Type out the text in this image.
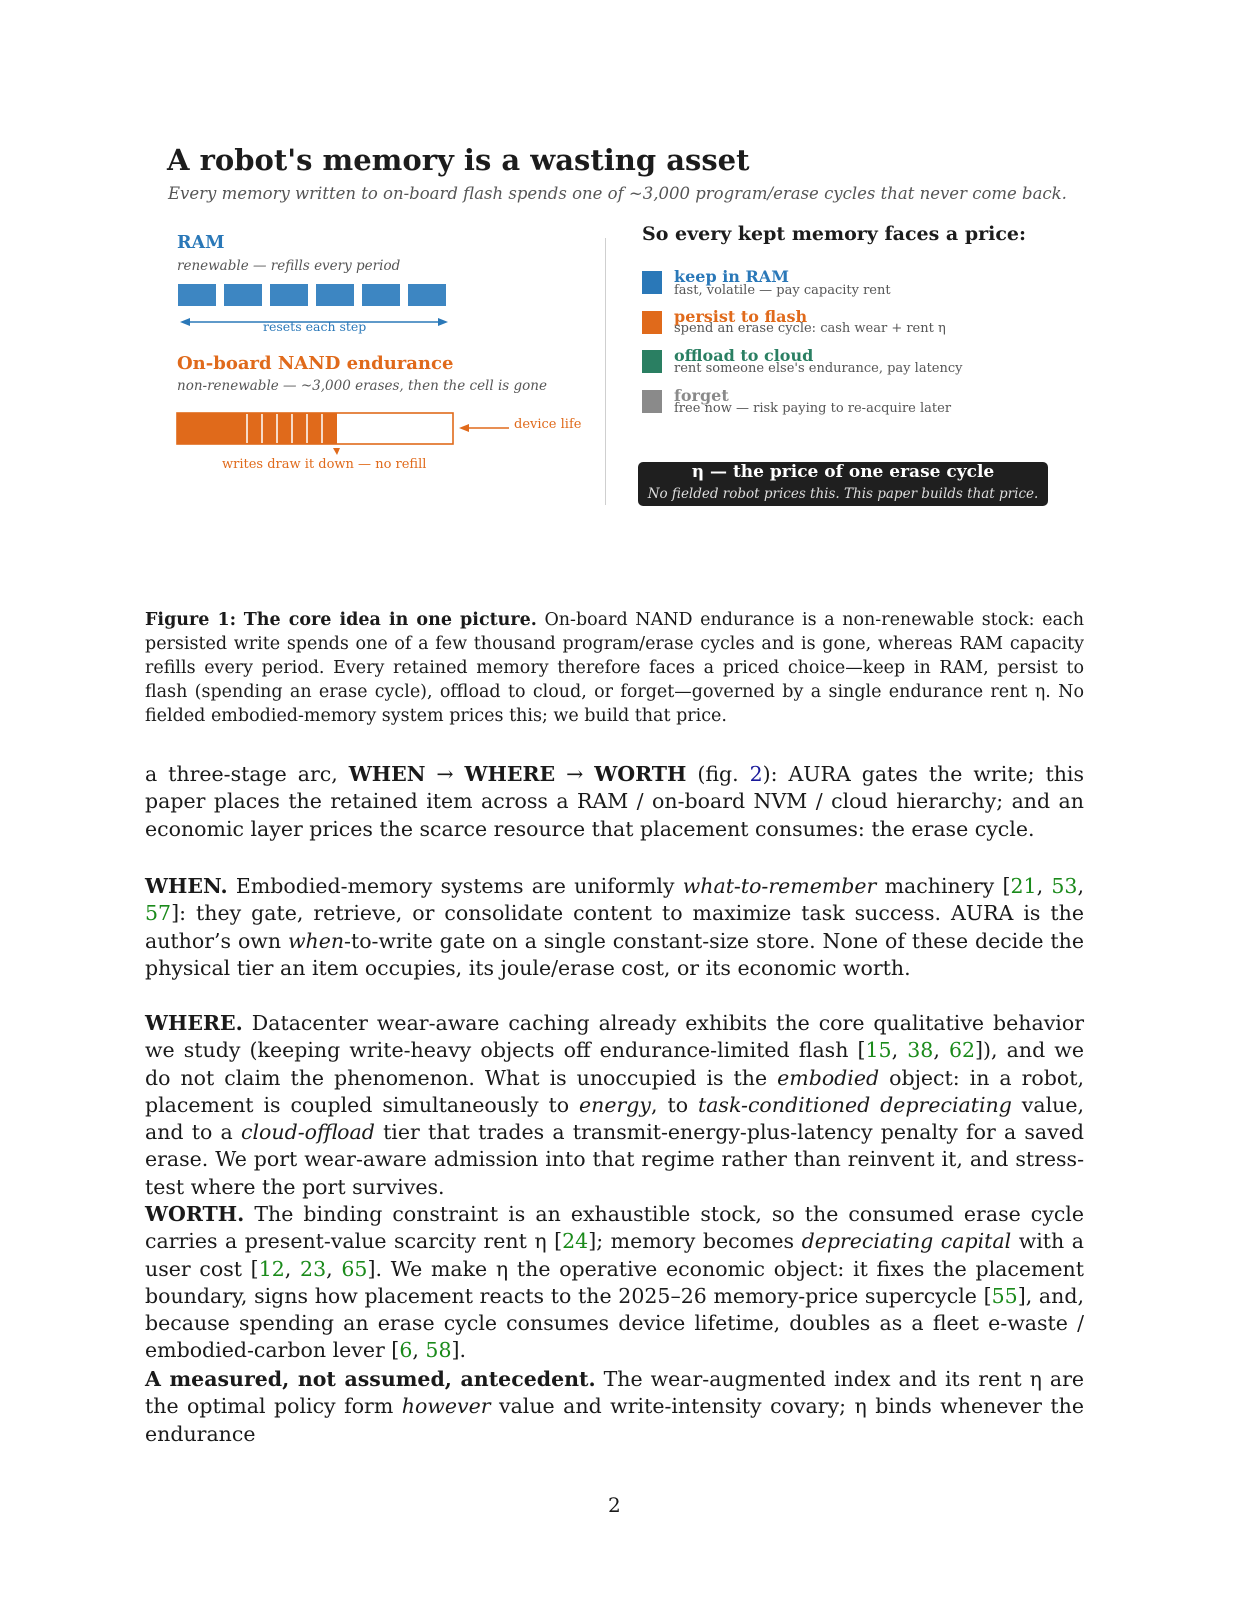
A robot's memory is a wasting asset
Every memory written to on-board flash spends one of ~3,000 program/erase cycles that never come back.
RAM
renewable — refills every period
resets each step
On-board NAND endurance
non-renewable — ~3,000 erases, then the cell is gone
device life
writes draw it down — no refill
So every kept memory faces a price:
keep in RAM
fast, volatile — pay capacity rent
persist to flash
spend an erase cycle: cash wear + rent η
offload to cloud
rent someone else's endurance, pay latency
forget
free now — risk paying to re-acquire later
η — the price of one erase cycle
No fielded robot prices this. This paper builds that price.
Figure 1: The core idea in one picture. On-board NAND endurance is a non-renewable stock: each persisted write spends one of a few thousand program/erase cycles and is gone, whereas RAM capacity refills every period. Every retained memory therefore faces a priced choice—keep in RAM, persist to flash (spending an erase cycle), offload to cloud, or forget—governed by a single endurance rent η. No fielded embodied-memory system prices this; we build that price.
a three-stage arc, WHEN → WHERE → WORTH (fig. 2): AURA gates the write; this paper places the retained item across a RAM / on-board NVM / cloud hierarchy; and an economic layer prices the scarce resource that placement consumes: the erase cycle.
WHEN. Embodied-memory systems are uniformly what-to-remember machinery [21, 53, 57]: they gate, retrieve, or consolidate content to maximize task success. AURA is the author’s own when-to-write gate on a single constant-size store. None of these decide the physical tier an item occupies, its joule/erase cost, or its economic worth.
WHERE. Datacenter wear-aware caching already exhibits the core qualitative behavior we study (keeping write-heavy objects off endurance-limited flash [15, 38, 62]), and we do not claim the phenomenon. What is unoccupied is the embodied object: in a robot, placement is coupled simultaneously to energy, to task-conditioned depreciating value, and to a cloud-offload tier that trades a transmit-energy-plus-latency penalty for a saved erase. We port wear-aware admission into that regime rather than reinvent it, and stress-test where the port survives.
WORTH. The binding constraint is an exhaustible stock, so the consumed erase cycle carries a present-value scarcity rent η [24]; memory becomes depreciating capital with a user cost [12, 23, 65]. We make η the operative economic object: it fixes the placement boundary, signs how placement reacts to the 2025–26 memory-price supercycle [55], and, because spending an erase cycle consumes device lifetime, doubles as a fleet e-waste / embodied-carbon lever [6, 58].
A measured, not assumed, antecedent. The wear-augmented index and its rent η are the optimal policy form however value and write-intensity covary; η binds whenever the endurance
2
